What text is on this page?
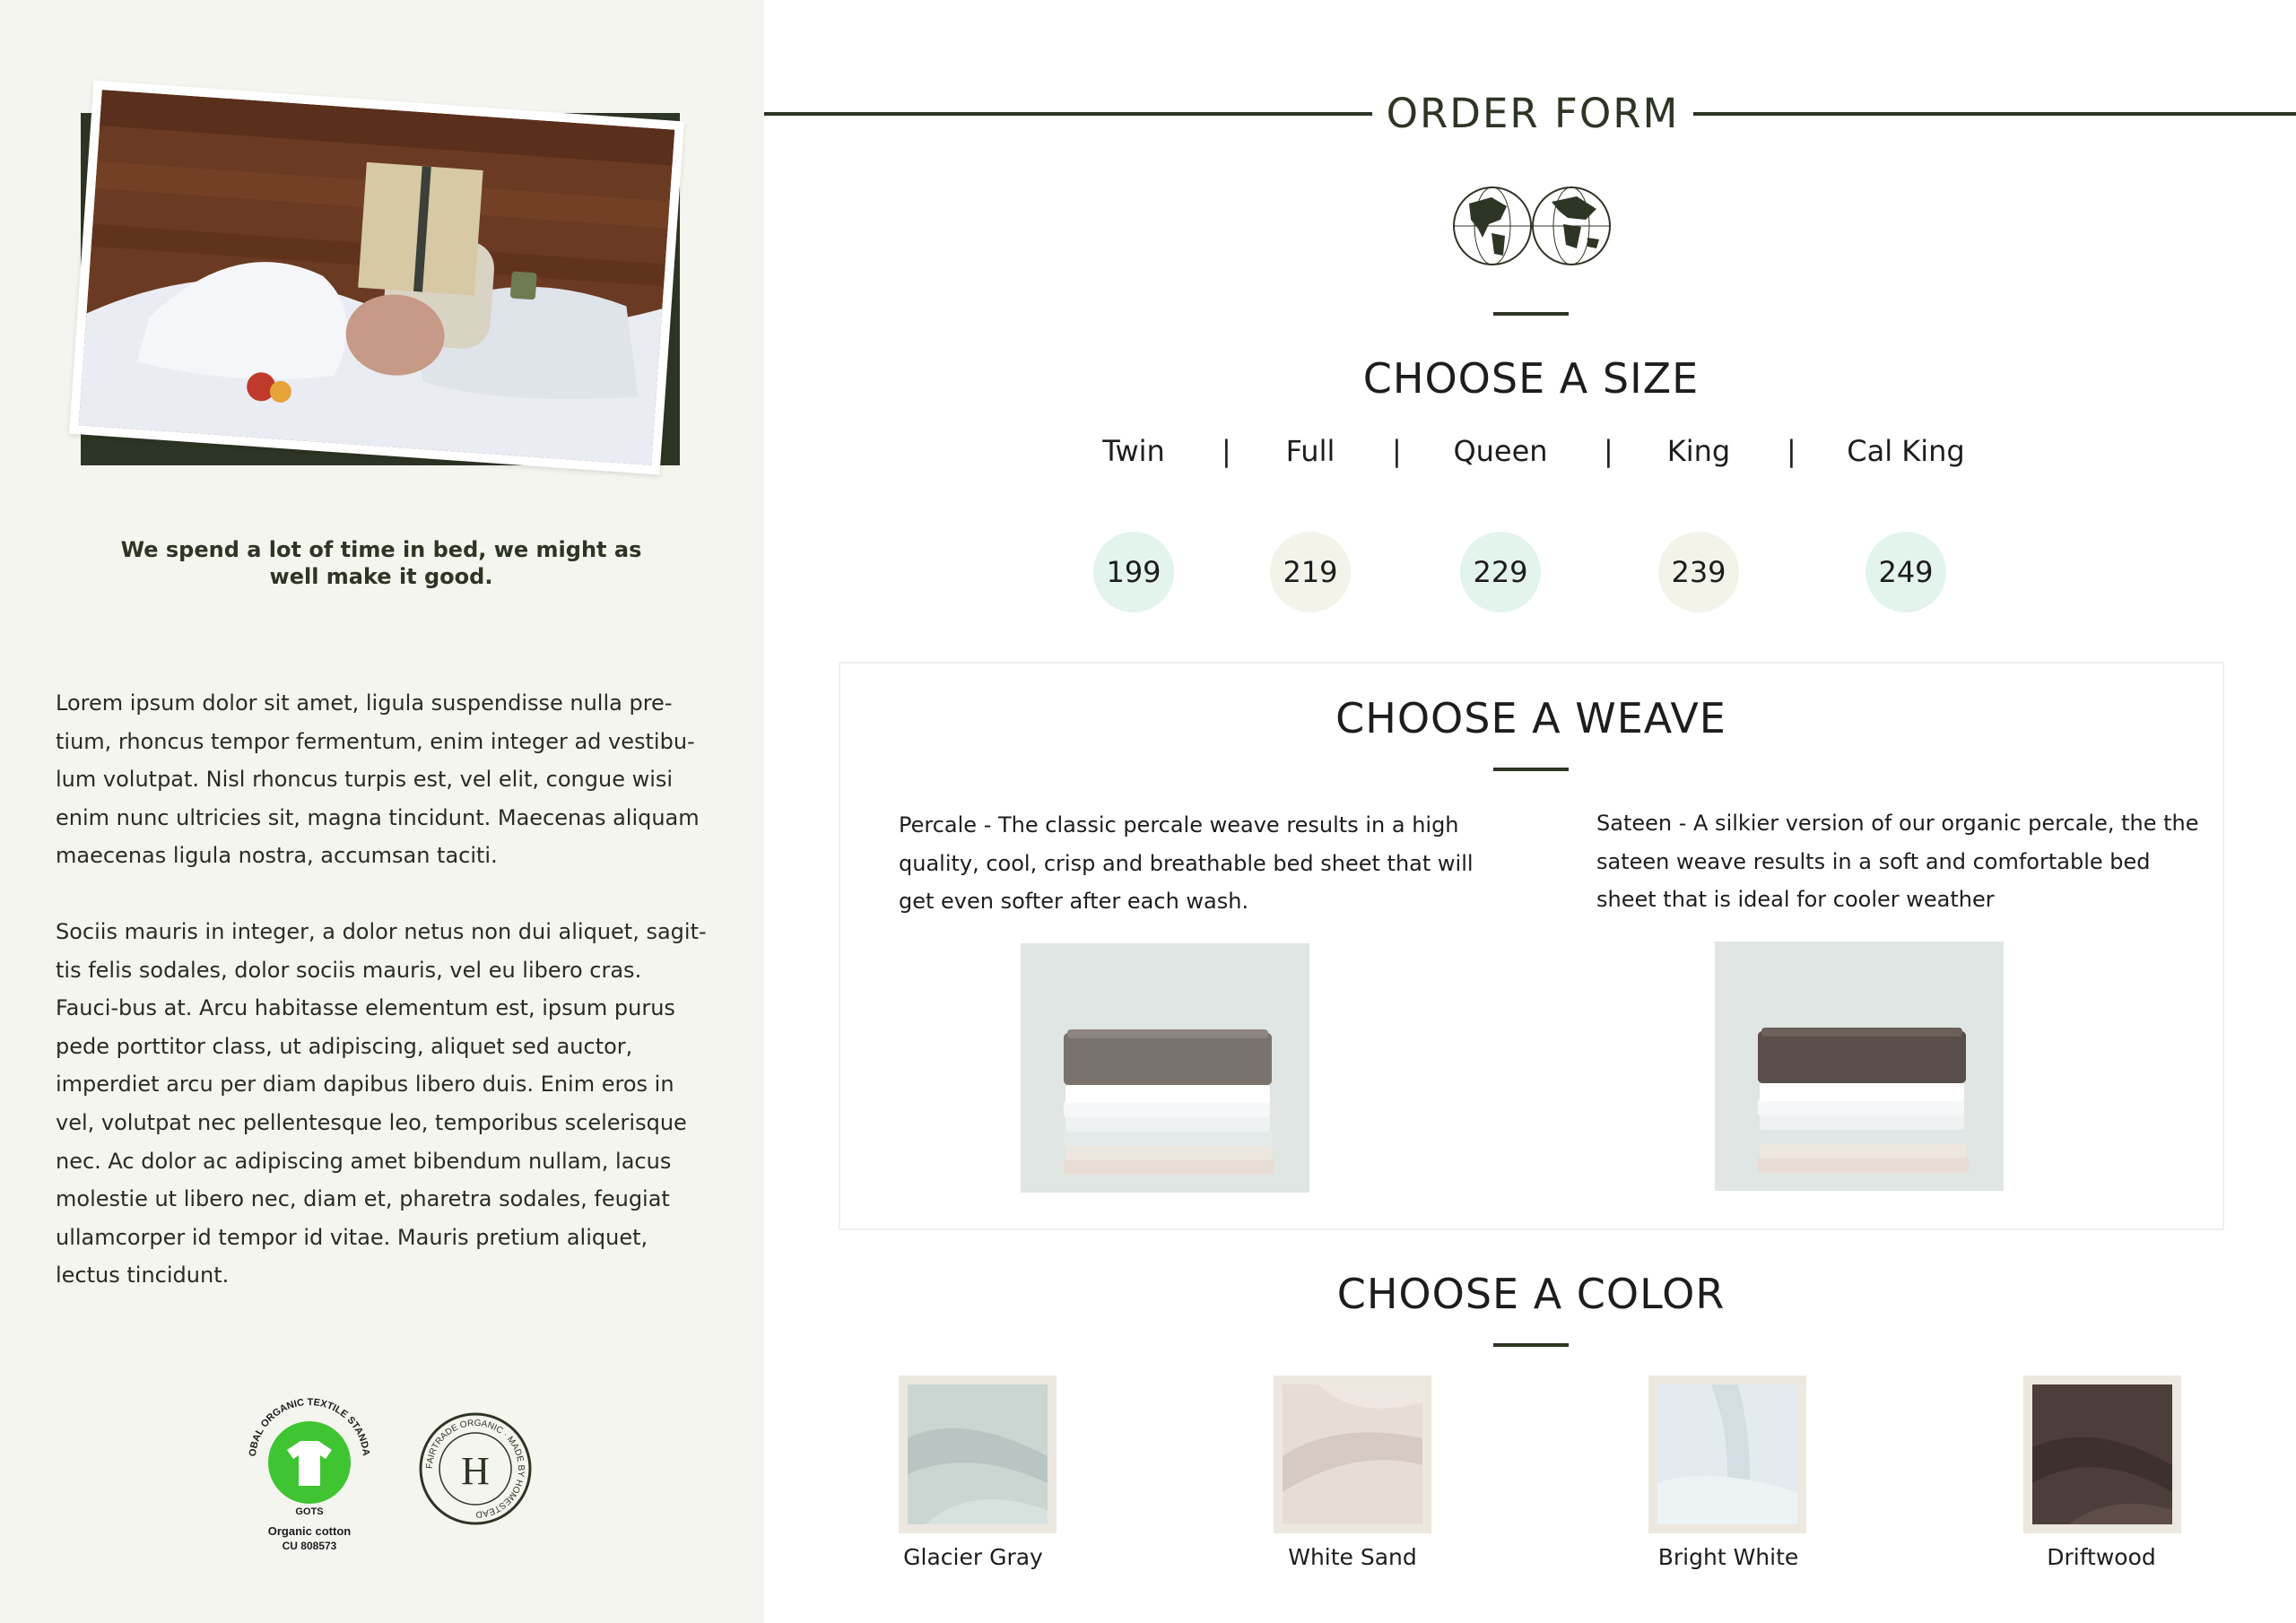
We spend a lot of time in bed, we might as well make it good.
Lorem ipsum dolor sit amet, ligula suspendisse nulla pre-tium, rhoncus tempor fermentum, enim integer ad vestibu-lum volutpat. Nisl rhoncus turpis est, vel elit, congue wisi enim nunc ultricies sit, magna tincidunt. Maecenas aliquam maecenas ligula nostra, accumsan taciti.
Sociis mauris in integer, a dolor netus non dui aliquet, sagit-tis felis sodales, dolor sociis mauris, vel eu libero cras. Fauci-bus at. Arcu habitasse elementum est, ipsum purus pede porttitor class, ut adipiscing, aliquet sed auctor, imperdiet arcu per diam dapibus libero duis. Enim eros in vel, volutpat nec pellentesque leo, temporibus scelerisque nec. Ac dolor ac adipiscing amet bibendum nullam, lacus molestie ut libero nec, diam et, pharetra sodales, feugiat ullamcorper id tempor id vitae. Mauris pretium aliquet, lectus tincidunt.
OBAL ORGANIC TEXTILE STANDA
GOTS
Organic cotton
CU 808573
FAIRTRADE ORGANIC · MADE BY HOMESTEAD
H
ORDER FORM
CHOOSE A SIZE
Twin	|	Full	|	Queen	|	King	|	Cal King
199	219	229	239	249
CHOOSE A WEAVE
Percale - The classic percale weave results in a high quality, cool, crisp and breathable bed sheet that will get even softer after each wash.
Sateen - A silkier version of our organic percale, the the sateen weave results in a soft and comfortable bed sheet that is ideal for cooler weather
CHOOSE A COLOR
Glacier Gray	White Sand	Bright White	Driftwood
